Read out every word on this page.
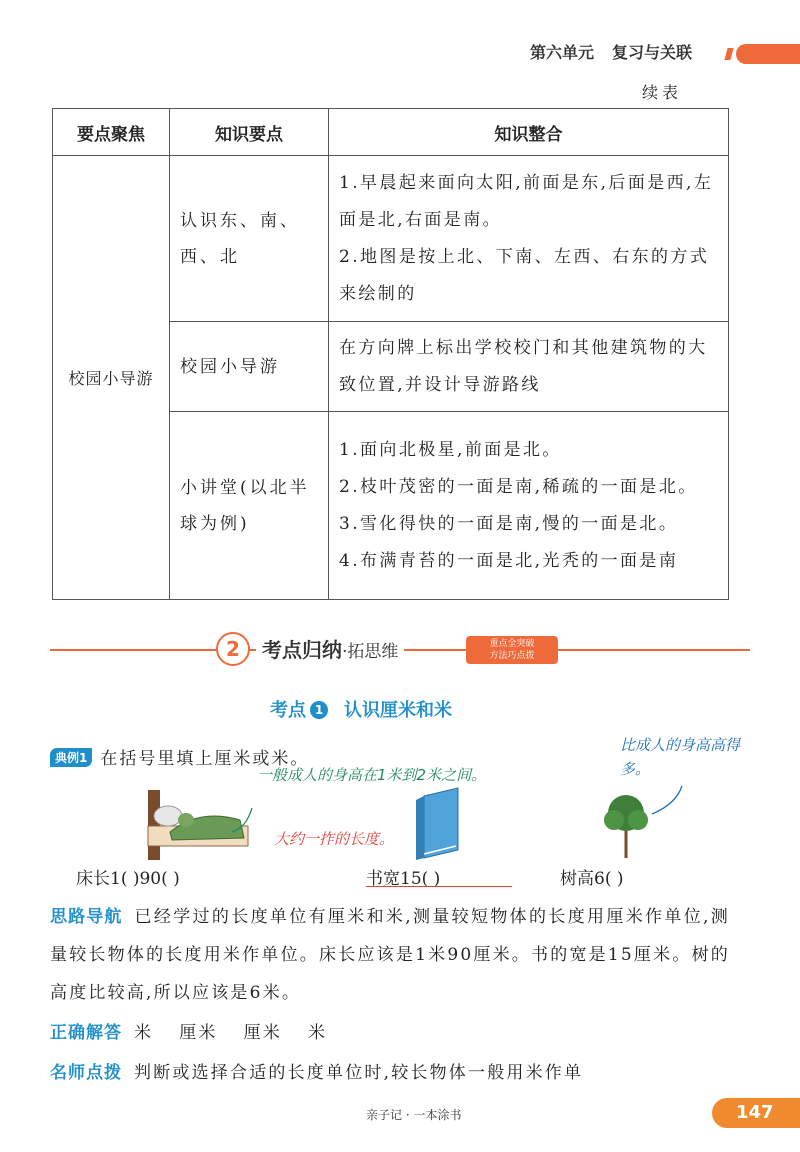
第六单元 复习与关联
续表
要点聚焦	知识要点	知识整合
校园小导游	认识东、南、西、北	1.早晨起来面向太阳,前面是东,后面是西,左面是北,右面是南。
2.地图是按上北、下南、左西、右东的方式来绘制的

	校园小导游	在方向牌上标出学校校门和其他建筑物的大致位置,并设计导游路线

	小讲堂(以北半球为例)	1.面向北极星,前面是北。
2.枝叶茂密的一面是南,稀疏的一面是北。
3.雪化得快的一面是南,慢的一面是北。
4.布满青苔的一面是北,光秃的一面是南
2	考点归纳·拓思维	重点全突破
方法巧点拨
考点 1 认识厘米和米
典例1 在括号里填上厘米或米。
一般成人的身高在1米到2米之间。
大约一拃的长度。
比成人的身高高得多。
床长1( )90( )	书宽15( )	树高6( )
思路导航 已经学过的长度单位有厘米和米,测量较短物体的长度用厘米作单位,测量较长物体的长度用米作单位。床长应该是1米90厘米。书的宽是15厘米。树的高度比较高,所以应该是6米。
正确解答 米 厘米 厘米 米
名师点拨 判断或选择合适的长度单位时,较长物体一般用米作单
亲子记 · 一本涂书	147
